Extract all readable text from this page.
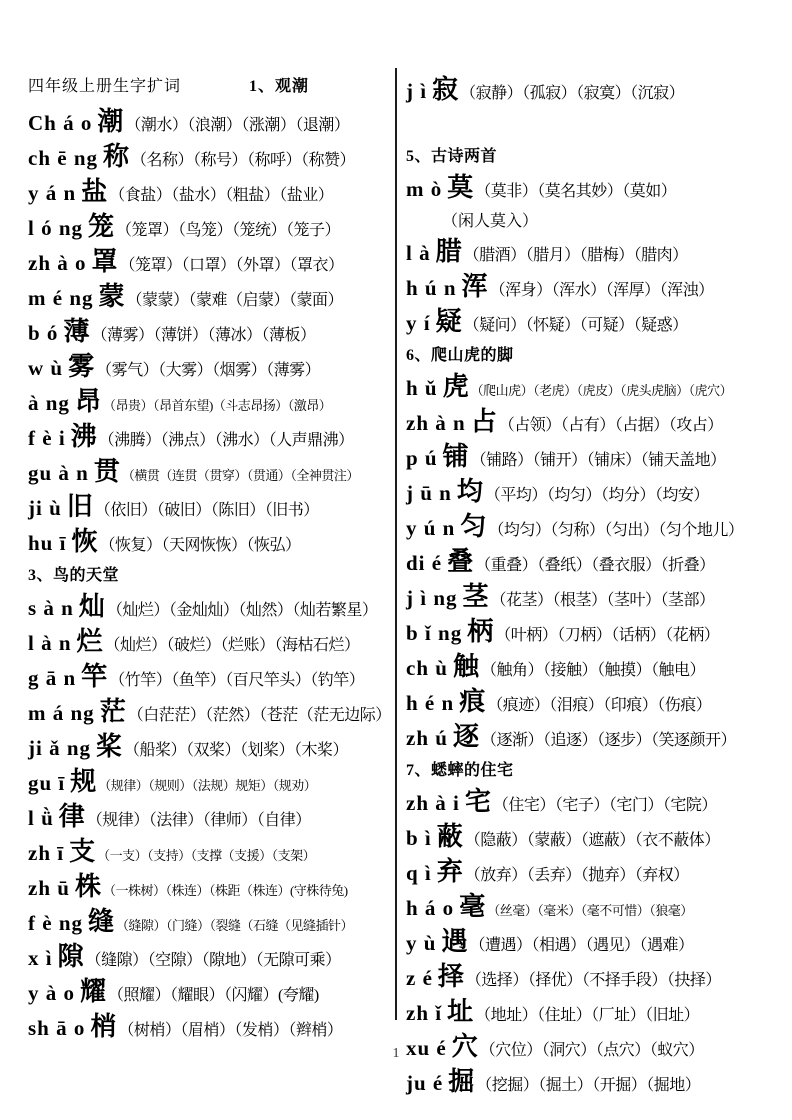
四年级上册生字扩词	1、观潮
Ch á o 潮 （潮水）（浪潮）（涨潮）（退潮）
ch ē ng 称 （名称）（称号）（称呼）（称赞）
y á n 盐 （食盐）（盐水）（粗盐）（盐业）
l ó ng 笼 （笼罩）（鸟笼）（笼统）（笼子）
zh à o 罩 （笼罩）（口罩）（外罩）（罩衣）
m é ng 蒙 （蒙蒙）（蒙难（启蒙）（蒙面）
b ó 薄 （薄雾）（薄饼）（薄冰）（薄板）
w ù 雾 （雾气）（大雾）（烟雾）（薄雾）
à ng 昂 （昂贵）（昂首东望)（斗志昂扬）（激昂）
f è i 沸 （沸腾）（沸点）（沸水）（人声鼎沸）
gu à n 贯 （横贯（连贯（贯穿）（贯通）（全神贯注）
ji ù 旧 （依旧）（破旧）（陈旧）（旧书）
hu ī 恢 （恢复）（天网恢恢）（恢弘）
3、鸟的天堂
s à n 灿 （灿烂）（金灿灿）（灿然）（灿若繁星）
l à n 烂 （灿烂）（破烂）（烂账）（海枯石烂）
g ā n 竿 （竹竿）（鱼竿）（百尺竿头）（钓竿）
m á ng 茫 （白茫茫）（茫然）（苍茫（茫无边际）
ji ǎ ng 桨 （船桨）（双桨）（划桨）（木桨）
gu ī 规 （规律）（规则）（法规）规矩）（规劝）
l ǜ 律 （规律）（法律）（律师）（自律）
zh ī 支 （一支）（支持）（支撑（支援）（支架）
zh ū 株 （一株树）（株连）（株距（株连）(守株待兔)
f è ng 缝 （缝隙）（门缝）（裂缝（石缝（见缝插针）
x ì 隙 （缝隙）（空隙）（隙地）（无隙可乘）
y à o 耀 （照耀）（耀眼）（闪耀）(夸耀)
sh ā o 梢 （树梢）（眉梢）（发梢）（辫梢）
j ì 寂 （寂静）（孤寂）（寂寞）（沉寂）
5、古诗两首
m ò 莫 （莫非）（莫名其妙）（莫如）
（闲人莫入）
l à 腊 （腊酒）（腊月）（腊梅）（腊肉）
h ú n 浑 （浑身）（浑水）（浑厚）（浑浊）
y í 疑 （疑问）（怀疑）（可疑）（疑惑）
6、爬山虎的脚
h ǔ 虎 （爬山虎）（老虎）（虎皮）（虎头虎脑）（虎穴）
zh à n 占 （占领）（占有）（占据）（攻占）
p ú 铺 （铺路）（铺开）（铺床）（铺天盖地）
j ū n 均 （平均）（均匀）（均分）（均安）
y ú n 匀 （均匀）（匀称）（匀出）（匀个地儿）
di é 叠 （重叠）（叠纸）（叠衣服）（折叠）
j ì ng 茎 （花茎）（根茎）（茎叶）（茎部）
b ǐ ng 柄 （叶柄）（刀柄）（话柄）（花柄）
ch ù 触 （触角）（接触）（触摸）（触电）
h é n 痕 （痕迹）（泪痕）（印痕）（伤痕）
zh ú 逐 （逐渐）（追逐）（逐步）（笑逐颜开）
7、蟋蟀的住宅
zh à i 宅 （住宅）（宅子）（宅门）（宅院）
b ì 蔽 （隐蔽）（蒙蔽）（遮蔽）（衣不蔽体）
q ì 弃 （放弃）（丢弃）（抛弃）（弃权）
h á o 毫 （丝毫）（毫米）（毫不可惜）（狼毫）
y ù 遇 （遭遇）（相遇）（遇见）（遇难）
z é 择 （选择）（择优）（不择手段）（抉择）
zh ǐ 址 （地址）（住址）（厂址）（旧址）
xu é 穴 （穴位）（洞穴）（点穴）（蚁穴）
ju é 掘 （挖掘）（掘土）（开掘）（掘地）
1
